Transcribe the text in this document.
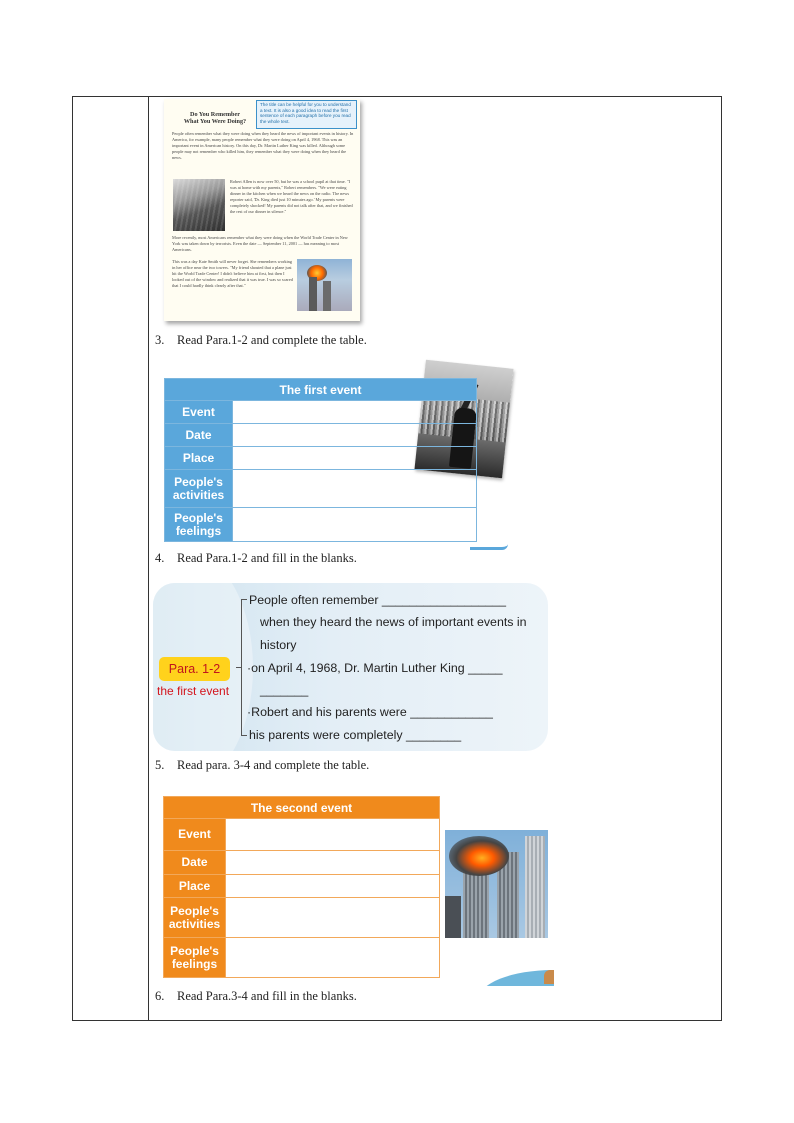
Do You Remember
What You Were Doing?
The title can be helpful for you to understand a text. It is also a good idea to read the first sentence of each paragraph before you read the whole text.
People often remember what they were doing when they heard the news of important events in history. In America, for example, many people remember what they were doing on April 4, 1968. This was an important event in American history. On this day, Dr. Martin Luther King was killed. Although some people may not remember who killed him, they remember what they were doing when they heard the news.
Robert Allen is now over 50, but he was a school pupil at that time. "I was at home with my parents," Robert remembers. "We were eating dinner in the kitchen when we heard the news on the radio. The news reporter said, 'Dr. King died just 10 minutes ago.' My parents were completely shocked! My parents did not talk after that, and we finished the rest of our dinner in silence."
More recently, most Americans remember what they were doing when the World Trade Center in New York was taken down by terrorists. Even the date — September 11, 2001 — has meaning to most Americans.
This was a day Kate Smith will never forget. She remembers working in her office near the two towers. "My friend shouted that a plane just hit the World Trade Center! I didn't believe him at first, but then I looked out of the window and realized that it was true. I was so scared that I could hardly think clearly after that."
3. Read Para.1-2 and complete the table.
The first event	
Event	
Date	
Place	
People's activities	
People's feelings	
4. Read Para.1-2 and fill in the blanks.
Para. 1-2
the first event
People often remember __________________
when they heard the news of important events in
history
·on April 4, 1968, Dr. Martin Luther King _____
_______
·Robert and his parents were ____________
his parents were completely ________
5. Read para. 3-4 and complete the table.
The second event	
Event	
Date	
Place	
People's activities	
People's feelings	
6. Read Para.3-4 and fill in the blanks.
